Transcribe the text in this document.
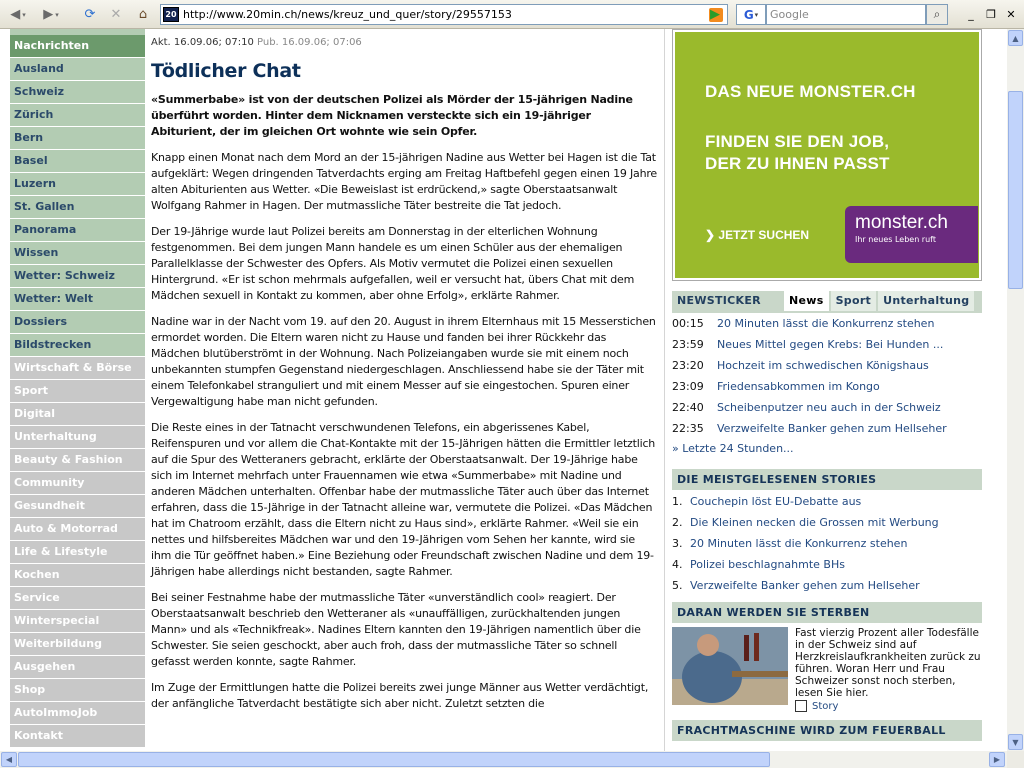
◀ ▾	▶ ▾	⟳	✕	⌂	20 http://www.20min.ch/news/kreuz_und_quer/story/29557153	▶	G ▾	Google	⌕	_	❐ ✕
Nachrichten
Ausland
Schweiz
Zürich
Bern
Basel
Luzern
St. Gallen
Panorama
Wissen
Wetter: Schweiz
Wetter: Welt
Dossiers
Bildstrecken
Wirtschaft & Börse
Sport
Digital
Unterhaltung
Beauty & Fashion
Community
Gesundheit
Auto & Motorrad
Life & Lifestyle
Kochen
Service
Winterspecial
Weiterbildung
Ausgehen
Shop
AutoImmoJob
Kontakt
Akt. 16.09.06; 07:10 Pub. 16.09.06; 07:06
Tödlicher Chat

«Summerbabe» ist von der deutschen Polizei als Mörder der 15-jährigen Nadine überführt worden. Hinter dem Nicknamen versteckte sich ein 19-jähriger Abiturient, der im gleichen Ort wohnte wie sein Opfer.

Knapp einen Monat nach dem Mord an der 15-jährigen Nadine aus Wetter bei Hagen ist die Tat aufgeklärt: Wegen dringenden Tatverdachts erging am Freitag Haftbefehl gegen einen 19 Jahre alten Abiturienten aus Wetter. «Die Beweislast ist erdrückend,» sagte Oberstaatsanwalt Wolfgang Rahmer in Hagen. Der mutmassliche Täter bestreite die Tat jedoch.

Der 19-Jährige wurde laut Polizei bereits am Donnerstag in der elterlichen Wohnung festgenommen. Bei dem jungen Mann handele es um einen Schüler aus der ehemaligen Parallelklasse der Schwester des Opfers. Als Motiv vermutet die Polizei einen sexuellen Hintergrund. «Er ist schon mehrmals aufgefallen, weil er versucht hat, übers Chat mit dem Mädchen sexuell in Kontakt zu kommen, aber ohne Erfolg», erklärte Rahmer.

Nadine war in der Nacht vom 19. auf den 20. August in ihrem Elternhaus mit 15 Messerstichen ermordet worden. Die Eltern waren nicht zu Hause und fanden bei ihrer Rückkehr das Mädchen blutüberströmt in der Wohnung. Nach Polizeiangaben wurde sie mit einem noch unbekannten stumpfen Gegenstand niedergeschlagen. Anschliessend habe sie der Täter mit einem Telefonkabel stranguliert und mit einem Messer auf sie eingestochen. Spuren einer Vergewaltigung habe man nicht gefunden.

Die Reste eines in der Tatnacht verschwundenen Telefons, ein abgerissenes Kabel, Reifenspuren und vor allem die Chat-Kontakte mit der 15-Jährigen hätten die Ermittler letztlich auf die Spur des Wetteraners gebracht, erklärte der Oberstaatsanwalt. Der 19-Jährige habe sich im Internet mehrfach unter Frauennamen wie etwa «Summerbabe» mit Nadine und anderen Mädchen unterhalten. Offenbar habe der mutmassliche Täter auch über das Internet erfahren, dass die 15-Jährige in der Tatnacht alleine war, vermutete die Polizei. «Das Mädchen hat im Chatroom erzählt, dass die Eltern nicht zu Haus sind», erklärte Rahmer. «Weil sie ein nettes und hilfsbereites Mädchen war und den 19-Jährigen vom Sehen her kannte, wird sie ihm die Tür geöffnet haben.» Eine Beziehung oder Freundschaft zwischen Nadine und dem 19-Jährigen habe allerdings nicht bestanden, sagte Rahmer.

Bei seiner Festnahme habe der mutmassliche Täter «unverständlich cool» reagiert. Der Oberstaatsanwalt beschrieb den Wetteraner als «unauffälligen, zurückhaltenden jungen Mann» und als «Technikfreak». Nadines Eltern kannten den 19-Jährigen namentlich über die Schwester. Sie seien geschockt, aber auch froh, dass der mutmassliche Täter so schnell gefasst werden konnte, sagte Rahmer.

Im Zuge der Ermittlungen hatte die Polizei bereits zwei junge Männer aus Wetter verdächtigt, der anfängliche Tatverdacht bestätigte sich aber nicht. Zuletzt setzten die

DAS NEUE MONSTER.CH
FINDEN SIE DEN JOB,
DER ZU IHNEN PASST
❯ JETZT SUCHEN
monster.ch
Ihr neues Leben ruft
NEWSTICKER	News	Sport	Unterhaltung
00:15 20 Minuten lässt die Konkurrenz stehen
23:59 Neues Mittel gegen Krebs: Bei Hunden ...
23:20 Hochzeit im schwedischen Königshaus
23:09 Friedensabkommen im Kongo
22:40 Scheibenputzer neu auch in der Schweiz
22:35 Verzweifelte Banker gehen zum Hellseher
» Letzte 24 Stunden...
DIE MEISTGELESENEN STORIES
1. Couchepin löst EU-Debatte aus
2. Die Kleinen necken die Grossen mit Werbung
3. 20 Minuten lässt die Konkurrenz stehen
4. Polizei beschlagnahmte BHs
5. Verzweifelte Banker gehen zum Hellseher
DARAN WERDEN SIE STERBEN
Fast vierzig Prozent aller Todesfälle in der Schweiz sind auf Herzkreislaufkrankheiten zurück zu führen. Woran Herr und Frau Schweizer sonst noch sterben, lesen Sie hier.
Story
FRACHTMASCHINE WIRD ZUM FEUERBALL
▲
▼
◀	▶
